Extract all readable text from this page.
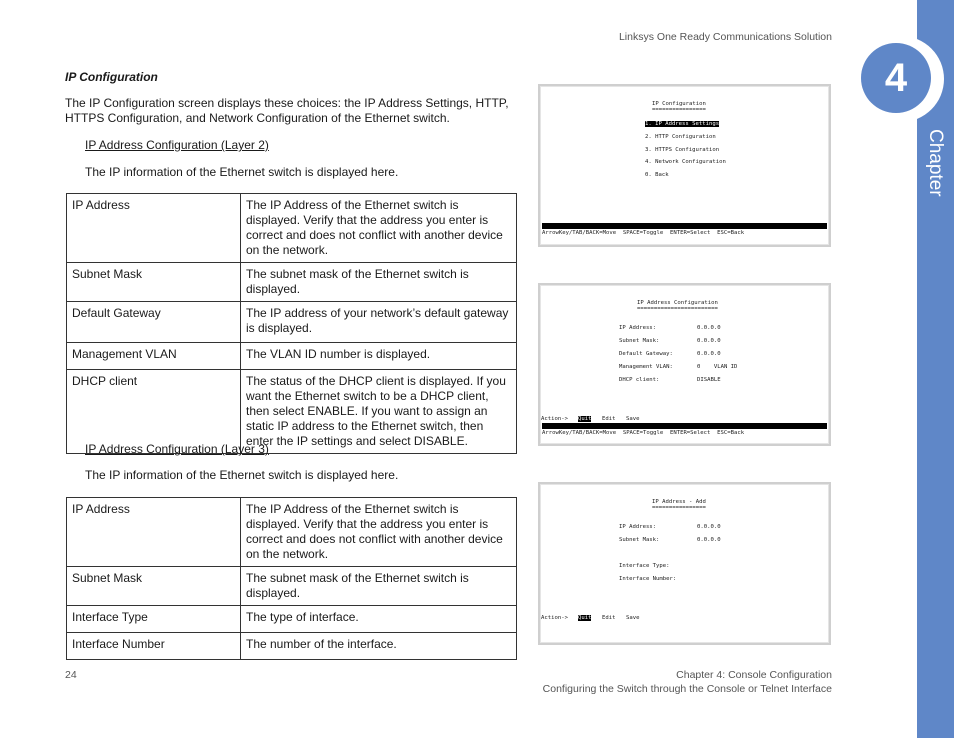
Linksys One Ready Communications Solution
4
Chapter
IP Configuration
The IP Configuration screen displays these choices: the IP Address Settings, HTTP, HTTPS Configuration, and Network Configuration of the Ethernet switch.
IP Address Configuration (Layer 2)
The IP information of the Ethernet switch is displayed here.
IP Address	The IP Address of the Ethernet switch is displayed. Verify that the address you enter is correct and does not conflict with another device on the network.
Subnet Mask	The subnet mask of the Ethernet switch is displayed.
Default Gateway	The IP address of your network’s default gateway is displayed.
Management VLAN	The VLAN ID number is displayed.
DHCP client	The status of the DHCP client is displayed. If you want the Ethernet switch to be a DHCP client, then select ENABLE. If you want to assign an static IP address to the Ethernet switch, then enter the IP settings and select DISABLE.
IP Address Configuration (Layer 3)
The IP information of the Ethernet switch is displayed here.
IP Address	The IP Address of the Ethernet switch is displayed. Verify that the address you enter is correct and does not conflict with another device on the network.
Subnet Mask	The subnet mask of the Ethernet switch is displayed.
Interface Type	The type of interface.
Interface Number	The number of the interface.
IP Configuration
================
1. IP Address Settings
2. HTTP Configuration
3. HTTPS Configuration
4. Network Configuration
0. Back
ArrowKey/TAB/BACK=Move  SPACE=Toggle  ENTER=Select  ESC=Back
IP Address Configuration
========================
IP Address:	0.0.0.0
Subnet Mask:	0.0.0.0
Default Gateway:	0.0.0.0
Management VLAN:	0    VLAN ID
DHCP client:	DISABLE
Action-> Quit Edit Save
ArrowKey/TAB/BACK=Move  SPACE=Toggle  ENTER=Select  ESC=Back
IP Address - Add
================
IP Address:	0.0.0.0
Subnet Mask:	0.0.0.0
Interface Type:
Interface Number:
Action-> Quit Edit Save
24	Chapter 4: Console Configuration
Configuring the Switch through the Console or Telnet Interface
